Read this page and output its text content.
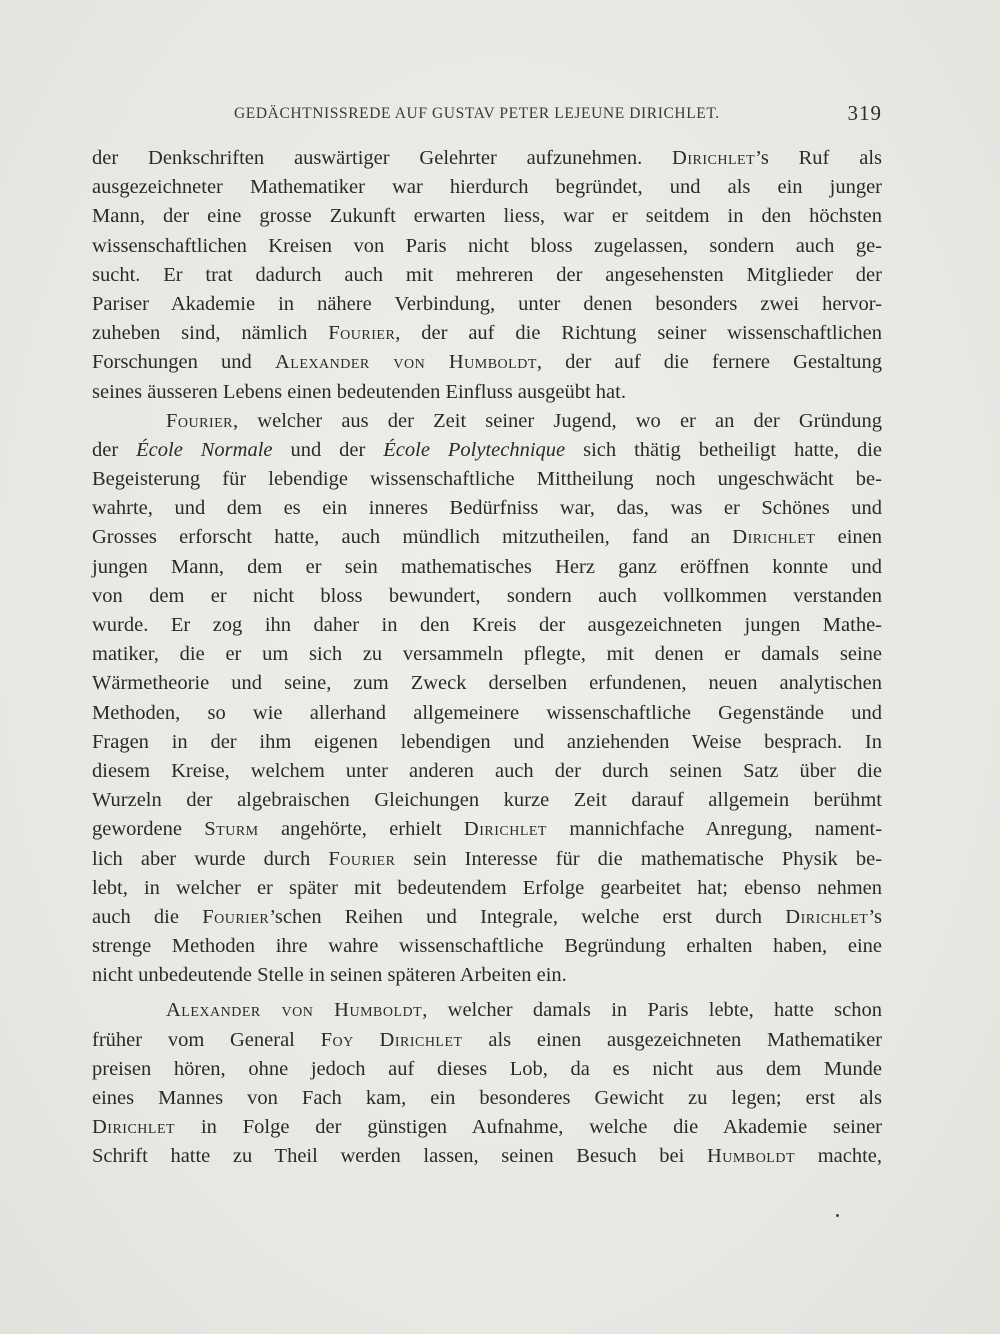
GEDÄCHTNISSREDE AUF GUSTAV PETER LEJEUNE DIRICHLET.	319
der Denkschriften auswärtiger Gelehrter aufzunehmen. Dirichlet’s Ruf als
ausgezeichneter Mathematiker war hierdurch begründet, und als ein junger
Mann, der eine grosse Zukunft erwarten liess, war er seitdem in den höchsten
wissenschaftlichen Kreisen von Paris nicht bloss zugelassen, sondern auch ge-
sucht. Er trat dadurch auch mit mehreren der angesehensten Mitglieder der
Pariser Akademie in nähere Verbindung, unter denen besonders zwei hervor-
zuheben sind, nämlich Fourier, der auf die Richtung seiner wissenschaftlichen
Forschungen und Alexander von Humboldt, der auf die fernere Gestaltung
seines äusseren Lebens einen bedeutenden Einfluss ausgeübt hat.
Fourier, welcher aus der Zeit seiner Jugend, wo er an der Gründung
der École Normale und der École Polytechnique sich thätig betheiligt hatte, die
Begeisterung für lebendige wissenschaftliche Mittheilung noch ungeschwächt be-
wahrte, und dem es ein inneres Bedürfniss war, das, was er Schönes und
Grosses erforscht hatte, auch mündlich mitzutheilen, fand an Dirichlet einen
jungen Mann, dem er sein mathematisches Herz ganz eröffnen konnte und
von dem er nicht bloss bewundert, sondern auch vollkommen verstanden
wurde. Er zog ihn daher in den Kreis der ausgezeichneten jungen Mathe-
matiker, die er um sich zu versammeln pflegte, mit denen er damals seine
Wärmetheorie und seine, zum Zweck derselben erfundenen, neuen analytischen
Methoden, so wie allerhand allgemeinere wissenschaftliche Gegenstände und
Fragen in der ihm eigenen lebendigen und anziehenden Weise besprach. In
diesem Kreise, welchem unter anderen auch der durch seinen Satz über die
Wurzeln der algebraischen Gleichungen kurze Zeit darauf allgemein berühmt
gewordene Sturm angehörte, erhielt Dirichlet mannichfache Anregung, nament-
lich aber wurde durch Fourier sein Interesse für die mathematische Physik be-
lebt, in welcher er später mit bedeutendem Erfolge gearbeitet hat; ebenso nehmen
auch die Fourier’schen Reihen und Integrale, welche erst durch Dirichlet’s
strenge Methoden ihre wahre wissenschaftliche Begründung erhalten haben, eine
nicht unbedeutende Stelle in seinen späteren Arbeiten ein.
Alexander von Humboldt, welcher damals in Paris lebte, hatte schon
früher vom General Foy Dirichlet als einen ausgezeichneten Mathematiker
preisen hören, ohne jedoch auf dieses Lob, da es nicht aus dem Munde
eines Mannes von Fach kam, ein besonderes Gewicht zu legen; erst als
Dirichlet in Folge der günstigen Aufnahme, welche die Akademie seiner
Schrift hatte zu Theil werden lassen, seinen Besuch bei Humboldt machte,
